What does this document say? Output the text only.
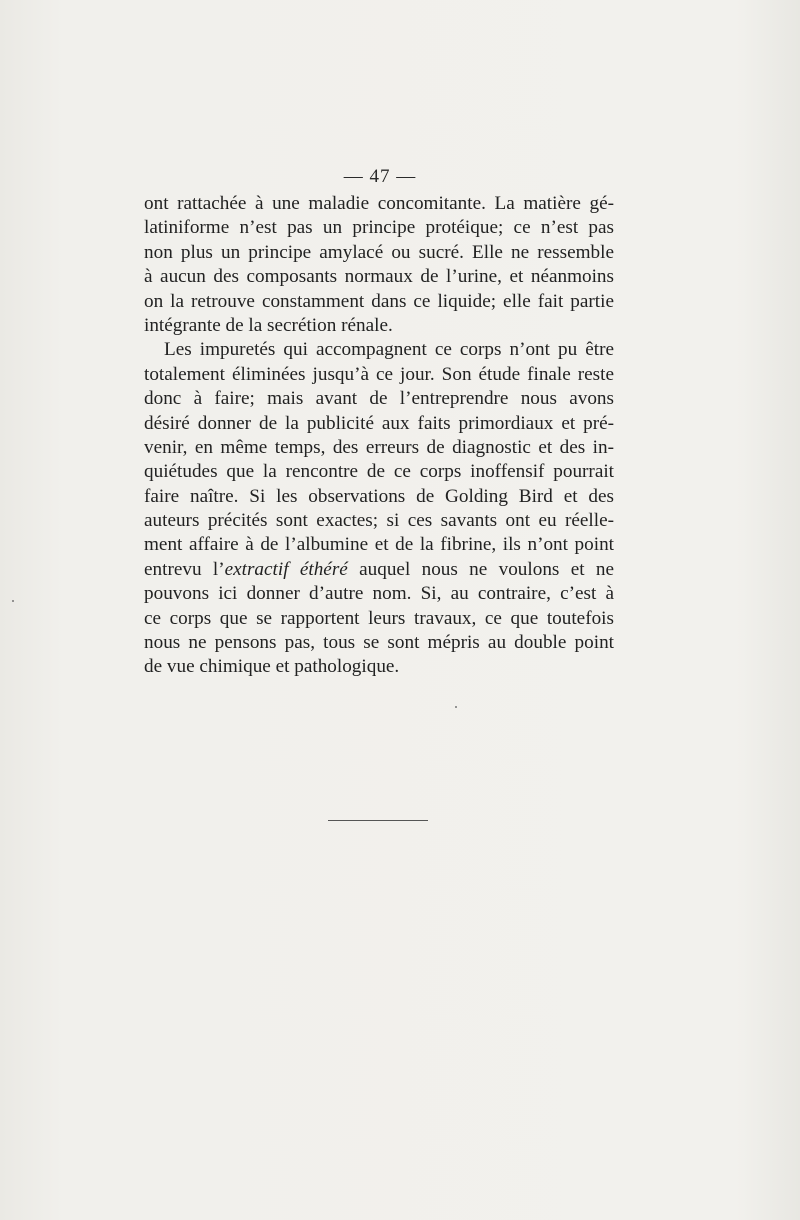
— 47 —
ont rattachée à une maladie concomitante. La matière gé-
latiniforme n’est pas un principe protéique; ce n’est pas
non plus un principe amylacé ou sucré. Elle ne ressemble
à aucun des composants normaux de l’urine, et néanmoins
on la retrouve constamment dans ce liquide; elle fait partie
intégrante de la secrétion rénale.
Les impuretés qui accompagnent ce corps n’ont pu être
totalement éliminées jusqu’à ce jour. Son étude finale reste
donc à faire; mais avant de l’entreprendre nous avons
désiré donner de la publicité aux faits primordiaux et pré-
venir, en même temps, des erreurs de diagnostic et des in-
quiétudes que la rencontre de ce corps inoffensif pourrait
faire naître. Si les observations de Golding Bird et des
auteurs précités sont exactes; si ces savants ont eu réelle-
ment affaire à de l’albumine et de la fibrine, ils n’ont point
entrevu l’extractif éthéré auquel nous ne voulons et ne
pouvons ici donner d’autre nom. Si, au contraire, c’est à
ce corps que se rapportent leurs travaux, ce que toutefois
nous ne pensons pas, tous se sont mépris au double point
de vue chimique et pathologique.
